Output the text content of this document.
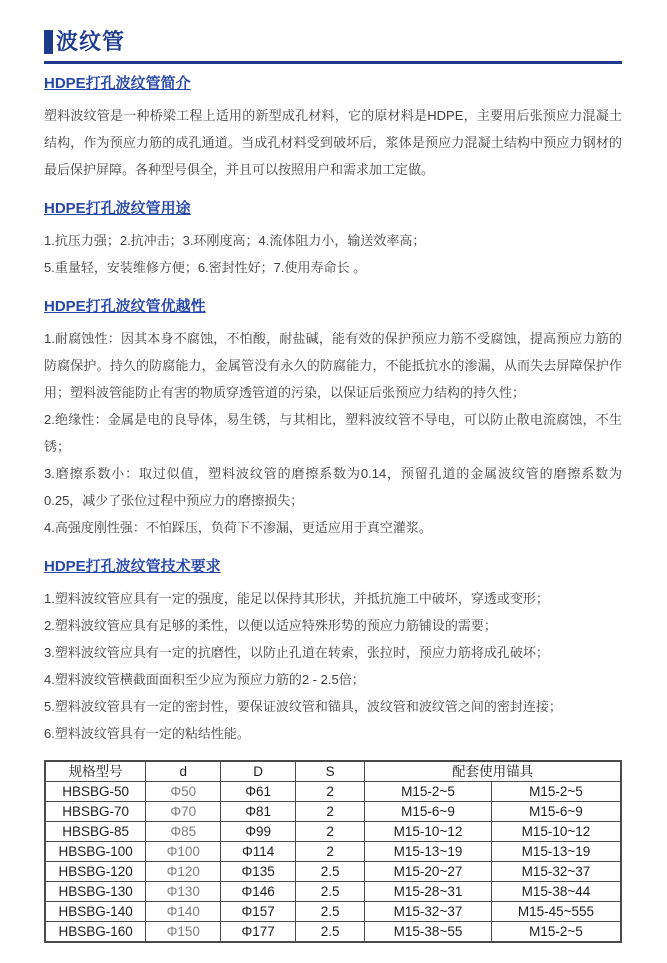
波纹管
HDPE打孔波纹管简介

塑料波纹管是一种桥梁工程上适用的新型成孔材料，它的原材料是HDPE，主要用后张预应力混凝土结构，作为预应力筋的成孔通道。当成孔材料受到破坏后，浆体是预应力混凝土结构中预应力钢材的最后保护屏障。各种型号俱全，并且可以按照用户和需求加工定做。

HDPE打孔波纹管用途

1.抗压力强；2.抗冲击；3.环刚度高；4.流体阻力小，输送效率高；

5.重量轻，安装维修方便；6.密封性好；7.使用寿命长 。

HDPE打孔波纹管优越性

1.耐腐蚀性：因其本身不腐蚀，不怕酸，耐盐碱，能有效的保护预应力筋不受腐蚀，提高预应力筋的防腐保护。持久的防腐能力，金属管没有永久的防腐能力，不能抵抗水的渗漏，从而失去屏障保护作用；塑料波管能防止有害的物质穿透管道的污染，以保证后张预应力结构的持久性；

2.绝缘性：金属是电的良导体，易生锈，与其相比，塑料波纹管不导电，可以防止散电流腐蚀，不生锈；

3.磨擦系数小：取过似值，塑料波纹管的磨擦系数为0.14，预留孔道的金属波纹管的磨擦系数为0.25，减少了张位过程中预应力的磨擦损失；

4.高强度刚性强：不怕踩压，负荷下不渗漏，更适应用于真空灌浆。

HDPE打孔波纹管技术要求

1.塑料波纹管应具有一定的强度，能足以保持其形状，并抵抗施工中破坏，穿透或变形；

2.塑料波纹管应具有足够的柔性，以便以适应特殊形势的预应力筋铺设的需要；

3.塑料波纹管应具有一定的抗磨性，以防止孔道在转索，张拉时，预应力筋将成孔破坏；

4.塑料波纹管横截面面积至少应为预应力筋的2 - 2.5倍；

5.塑料波纹管具有一定的密封性，要保证波纹管和锚具，波纹管和波纹管之间的密封连接；

6.塑料波纹管具有一定的粘结性能。

规格型号	d	D	S	配套使用锚具	
HBSBG-50	Φ50	Φ61	2	M15-2~5	M15-2~5
HBSBG-70	Φ70	Φ81	2	M15-6~9	M15-6~9
HBSBG-85	Φ85	Φ99	2	M15-10~12	M15-10~12
HBSBG-100	Φ100	Φ114	2	M15-13~19	M15-13~19
HBSBG-120	Φ120	Φ135	2.5	M15-20~27	M15-32~37
HBSBG-130	Φ130	Φ146	2.5	M15-28~31	M15-38~44
HBSBG-140	Φ140	Φ157	2.5	M15-32~37	M15-45~555
HBSBG-160	Φ150	Φ177	2.5	M15-38~55	M15-2~5
